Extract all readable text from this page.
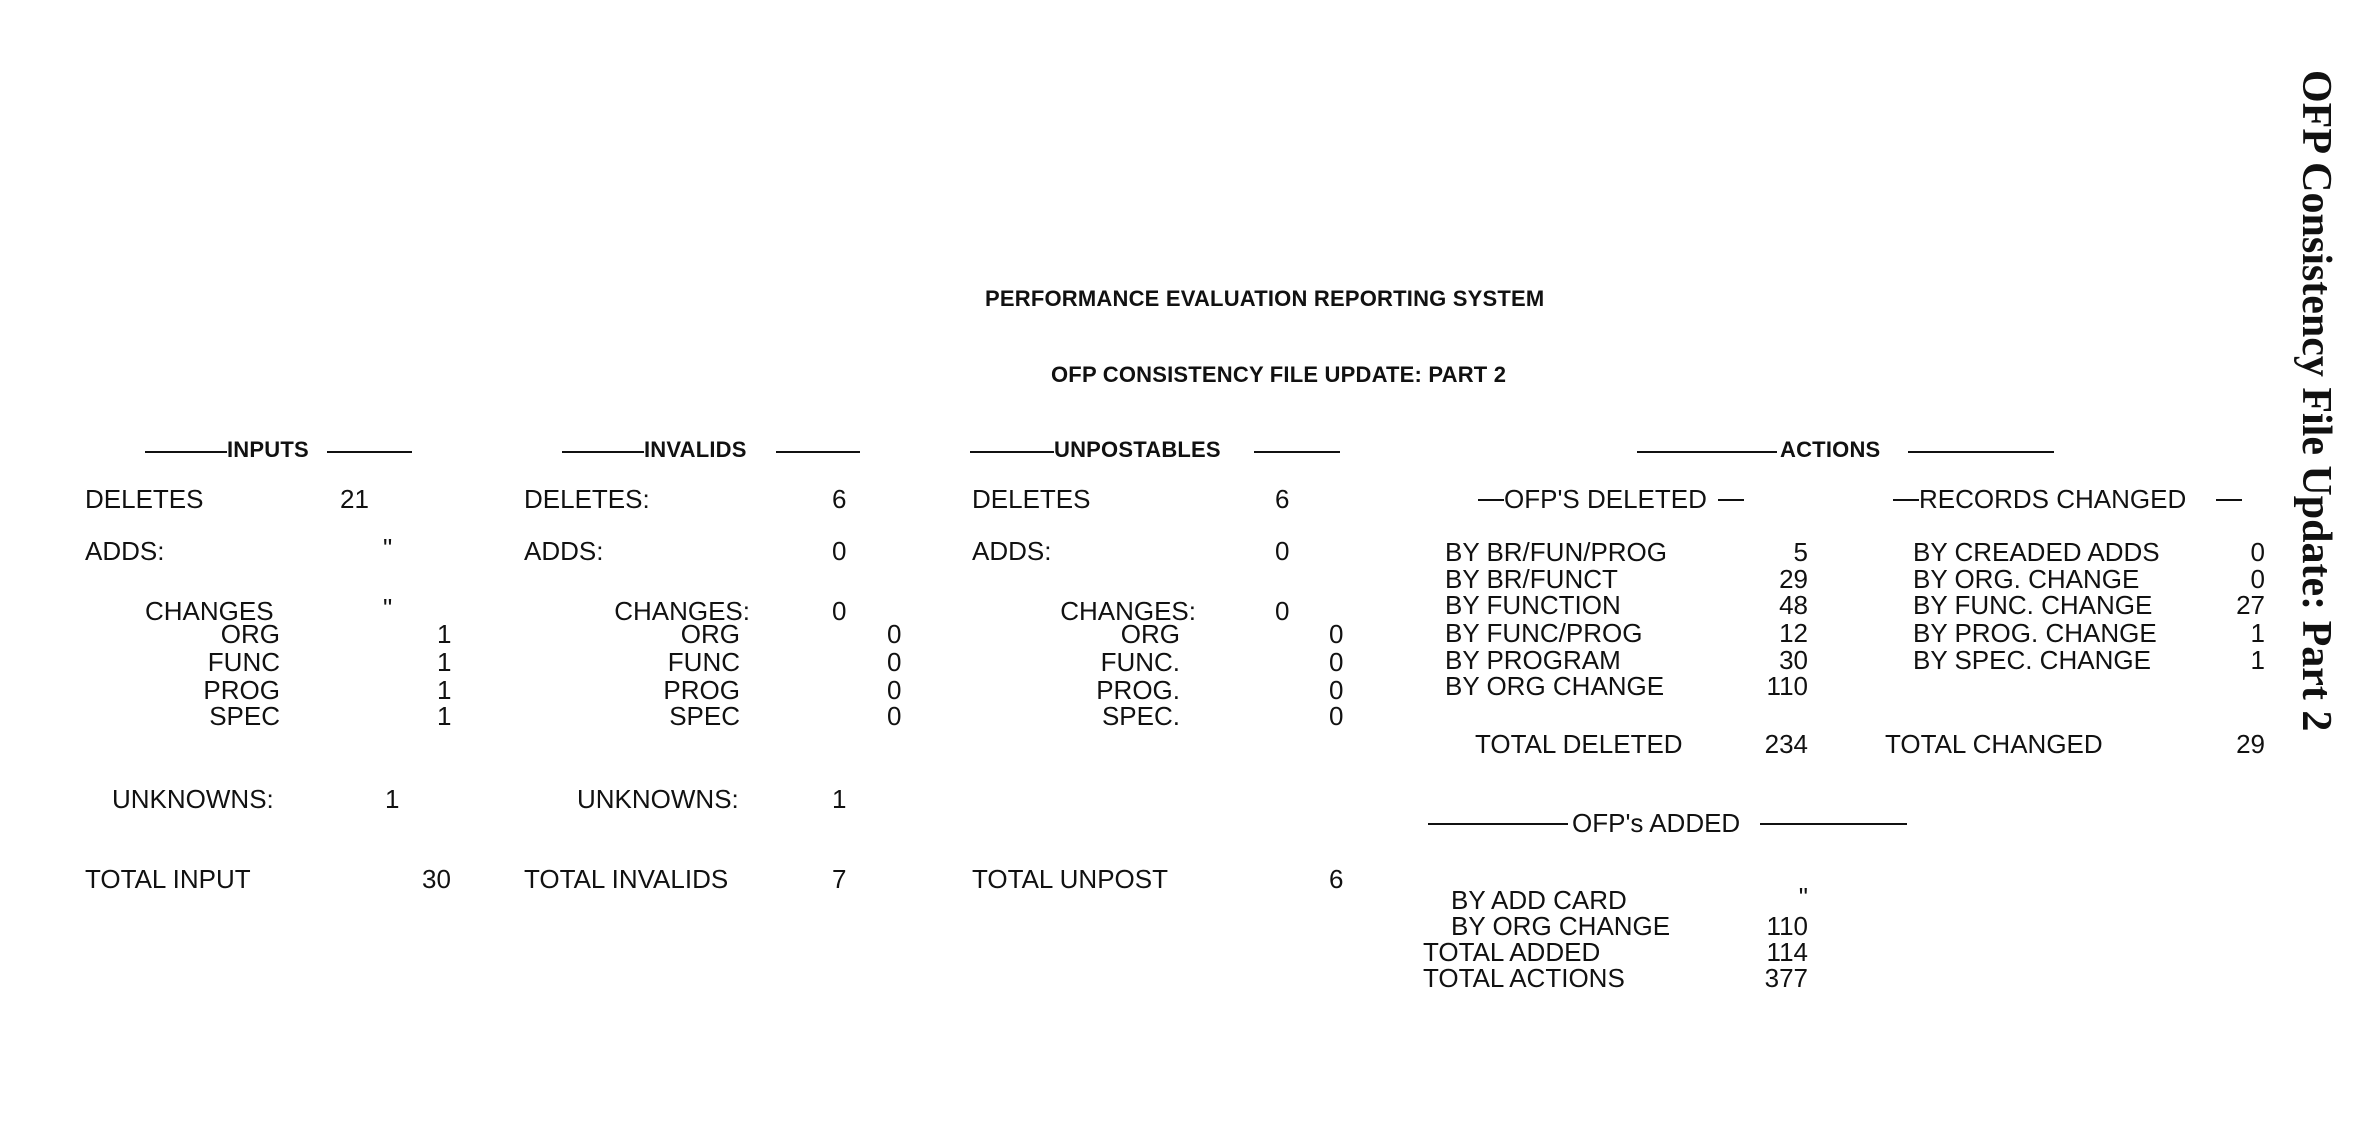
PERFORMANCE EVALUATION REPORTING SYSTEM
OFP CONSISTENCY FILE UPDATE: PART 2	OFP Consistency File Update: Part 2
INPUTS
DELETES	21
ADDS:	"
CHANGES	"
ORG	1
FUNC	1
PROG	1
SPEC	1
UNKNOWNS:	1
TOTAL INPUT	30
INVALIDS
DELETES:	6
ADDS:	0
CHANGES:	0
ORG	0
FUNC	0
PROG	0
SPEC	0
UNKNOWNS:	1
TOTAL INVALIDS	7
UNPOSTABLES
DELETES	6
ADDS:	0
CHANGES:	0
ORG	0
FUNC.	0
PROG.	0
SPEC.	0
TOTAL UNPOST	6
ACTIONS
OFP'S DELETED
BY BR/FUN/PROG	5
BY BR/FUNCT	29
BY FUNCTION	48
BY FUNC/PROG	12
BY PROGRAM	30
BY ORG CHANGE	110
TOTAL DELETED	234
RECORDS CHANGED
BY CREADED ADDS	0
BY ORG. CHANGE	0
BY FUNC. CHANGE	27
BY PROG. CHANGE	1
BY SPEC. CHANGE	1
TOTAL CHANGED	29
OFP's ADDED
BY ADD CARD	"
BY ORG CHANGE	110
TOTAL ADDED	114
TOTAL ACTIONS	377
